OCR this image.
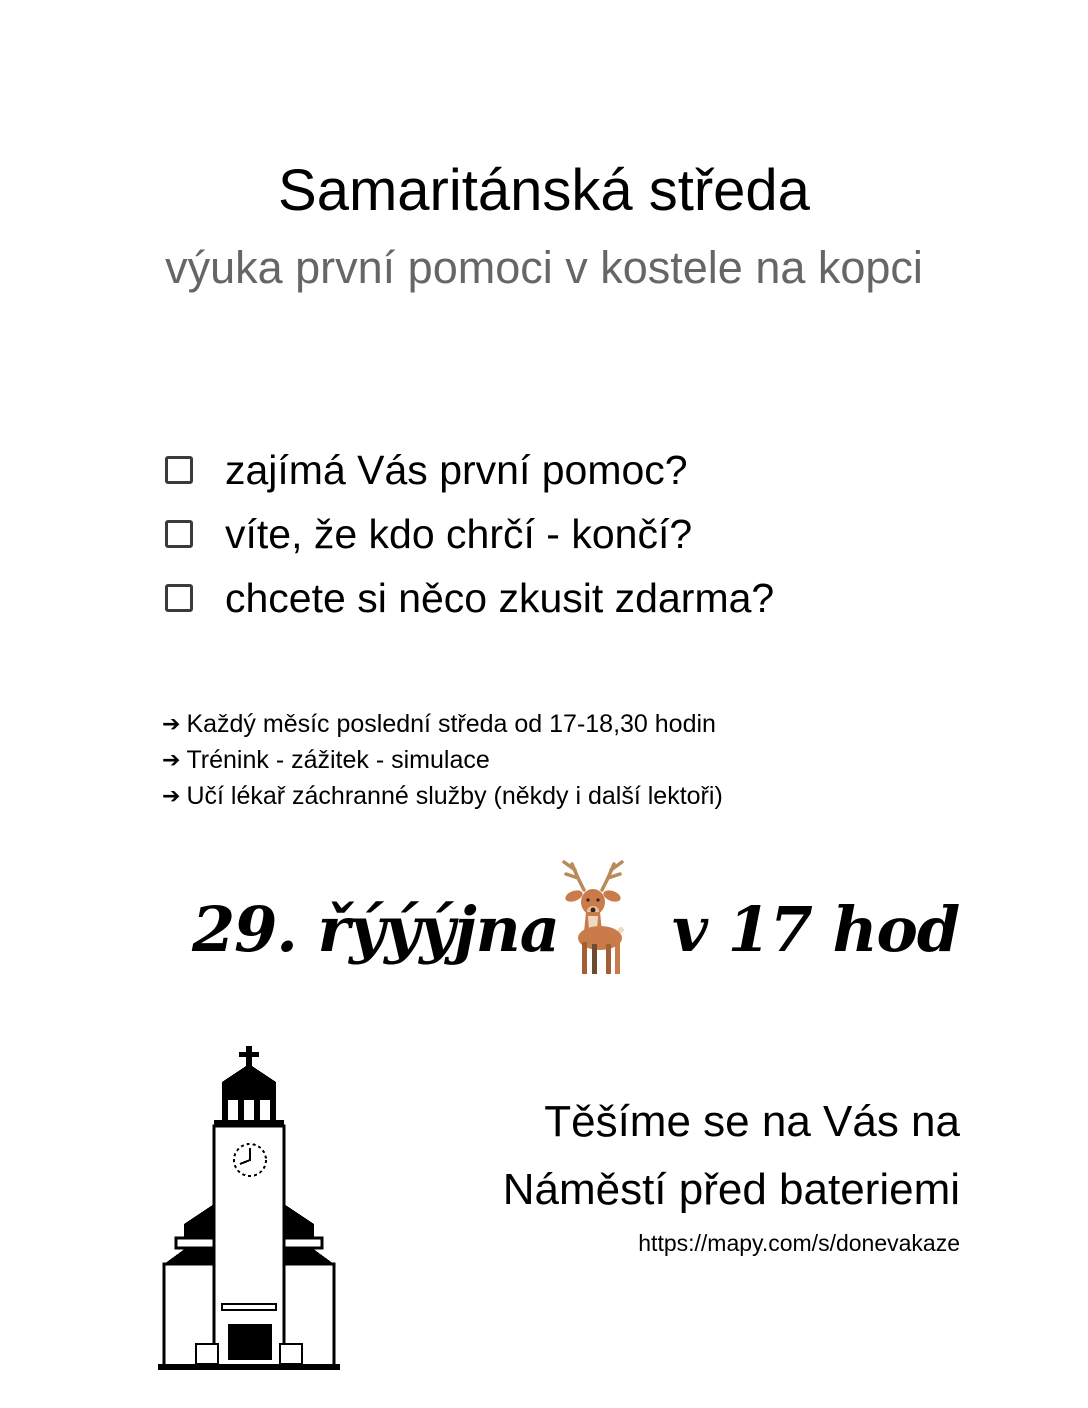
Samaritánská středa
výuka první pomoci v kostele na kopci
zajímá Vás první pomoc?
víte, že kdo chrčí - končí?
chcete si něco zkusit zdarma?
➔ Každý měsíc poslední středa od 17-18,30 hodin
➔ Trénink - zážitek - simulace
➔ Učí lékař záchranné služby (někdy i další lektoři)
29. řýýýjna v 17 hod
Těšíme se na Vás na
Náměstí před bateriemi
https://mapy.com/s/donevakaze
